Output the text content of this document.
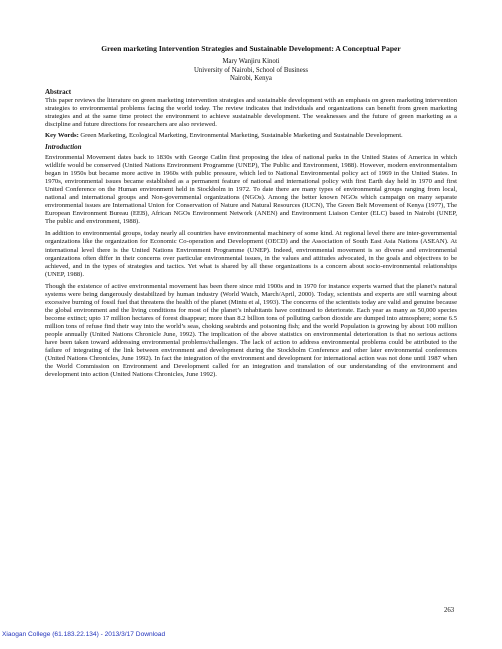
Green marketing Intervention Strategies and Sustainable Development: A Conceptual Paper
Mary Wanjiru Kinoti
University of Nairobi, School of Business
Nairobi, Kenya
Abstract

This paper reviews the literature on green marketing intervention strategies and sustainable development with an emphasis on green marketing intervention strategies to environmental problems facing the world today. The review indicates that individuals and organizations can benefit from green marketing strategies and at the same time protect the environment to achieve sustainable development. The weaknesses and the future of green marketing as a discipline and future directions for researchers are also reviewed.

Key Words: Green Marketing, Ecological Marketing, Environmental Marketing, Sustainable Marketing and Sustainable Development.

Introduction

Environmental Movement dates back to 1830s with George Catlin first proposing the idea of national parks in the United States of America in which wildlife would be conserved (United Nations Environment Programme (UNEP), The Public and Environment, 1988). However, modern environmentalism began in 1950s but became more active in 1960s with public pressure, which led to National Environmental policy act of 1969 in the United States. In 1970s, environmental issues became established as a permanent feature of national and international policy with first Earth day held in 1970 and first United Conference on the Human environment held in Stockholm in 1972. To date there are many types of environmental groups ranging from local, national and international groups and Non-governmental organizations (NGOs). Among the better known NGOs which campaign on many separate environmental issues are International Union for Conservation of Nature and Natural Resources (IUCN), The Green Belt Movement of Kenya (1977), The European Environment Bureau (EEB), African NGOs Environment Network (ANEN) and Environment Liaison Center (ELC) based in Nairobi (UNEP, The public and environment, 1988).

In addition to environmental groups, today nearly all countries have environmental machinery of some kind. At regional level there are inter-governmental organizations like the organization for Economic Co-operation and Development (OECD) and the Association of South East Asia Nations (ASEAN). At international level there is the United Nations Environment Programme (UNEP). Indeed, environmental movement is so diverse and environmental organizations often differ in their concerns over particular environmental issues, in the values and attitudes advocated, in the goals and objectives to be achieved, and in the types of strategies and tactics. Yet what is shared by all these organizations is a concern about socio-environmental relationships (UNEP, 1988).

Though the existence of active environmental movement has been there since mid 1900s and in 1970 for instance experts warned that the planet’s natural systems were being dangerously destabilized by human industry (World Watch, March/April, 2000). Today, scientists and experts are still warning about excessive burning of fossil fuel that threatens the health of the planet (Mintu et al, 1993). The concerns of the scientists today are valid and genuine because the global environment and the living conditions for most of the planet’s inhabitants have continued to deteriorate. Each year as many as 50,000 species become extinct; upto 17 million hectares of forest disappear; more than 8.2 billion tons of polluting carbon dioxide are dumped into atmosphere; some 6.5 million tons of refuse find their way into the world’s seas, choking seabirds and poisoning fish; and the world Population is growing by about 100 million people annually (United Nations Chronicle June, 1992). The implication of the above statistics on environmental deterioration is that no serious actions have been taken toward addressing environmental problems/challenges. The lack of action to address environmental problems could be attributed to the failure of integrating of the link between environment and development during the Stockholm Conference and other later environmental conferences (United Nations Chronicles, June 1992). In fact the integration of the environment and development for international action was not done until 1987 when the World Commission on Environment and Development called for an integration and translation of our understanding of the environment and development into action (United Nations Chronicles, June 1992).

263
Xiaogan College (61.183.22.134) - 2013/3/17 Download
